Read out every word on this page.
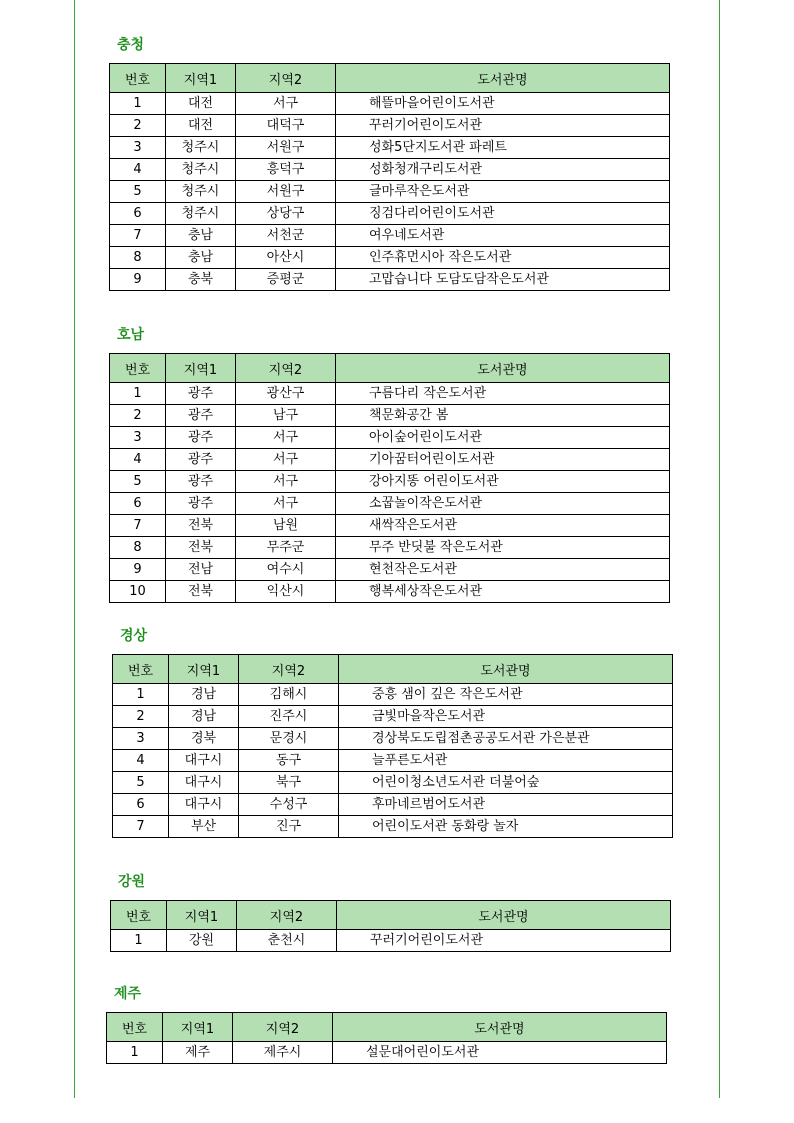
충청
번호	지역1	지역2	도서관명
1	대전	서구	해뜰마을어린이도서관
2	대전	대덕구	꾸러기어린이도서관
3	청주시	서원구	성화5단지도서관 파레트
4	청주시	흥덕구	성화청개구리도서관
5	청주시	서원구	글마루작은도서관
6	청주시	상당구	징검다리어린이도서관
7	충남	서천군	여우네도서관
8	충남	아산시	인주휴먼시아 작은도서관
9	충북	증평군	고맙습니다 도담도담작은도서관
호남
번호	지역1	지역2	도서관명
1	광주	광산구	구름다리 작은도서관
2	광주	남구	책문화공간 봄
3	광주	서구	아이숲어린이도서관
4	광주	서구	기아꿈터어린이도서관
5	광주	서구	강아지똥 어린이도서관
6	광주	서구	소꿉놀이작은도서관
7	전북	남원	새싹작은도서관
8	전북	무주군	무주 반딧불 작은도서관
9	전남	여수시	현천작은도서관
10	전북	익산시	행복세상작은도서관
경상
번호	지역1	지역2	도서관명
1	경남	김해시	중흥 샘이 깊은 작은도서관
2	경남	진주시	금빛마을작은도서관
3	경북	문경시	경상북도도립점촌공공도서관 가은분관
4	대구시	동구	늘푸른도서관
5	대구시	북구	어린이청소년도서관 더불어숲
6	대구시	수성구	후마네르범어도서관
7	부산	진구	어린이도서관 동화랑 놀자
강원
번호	지역1	지역2	도서관명
1	강원	춘천시	꾸러기어린이도서관
제주
번호	지역1	지역2	도서관명
1	제주	제주시	설문대어린이도서관
